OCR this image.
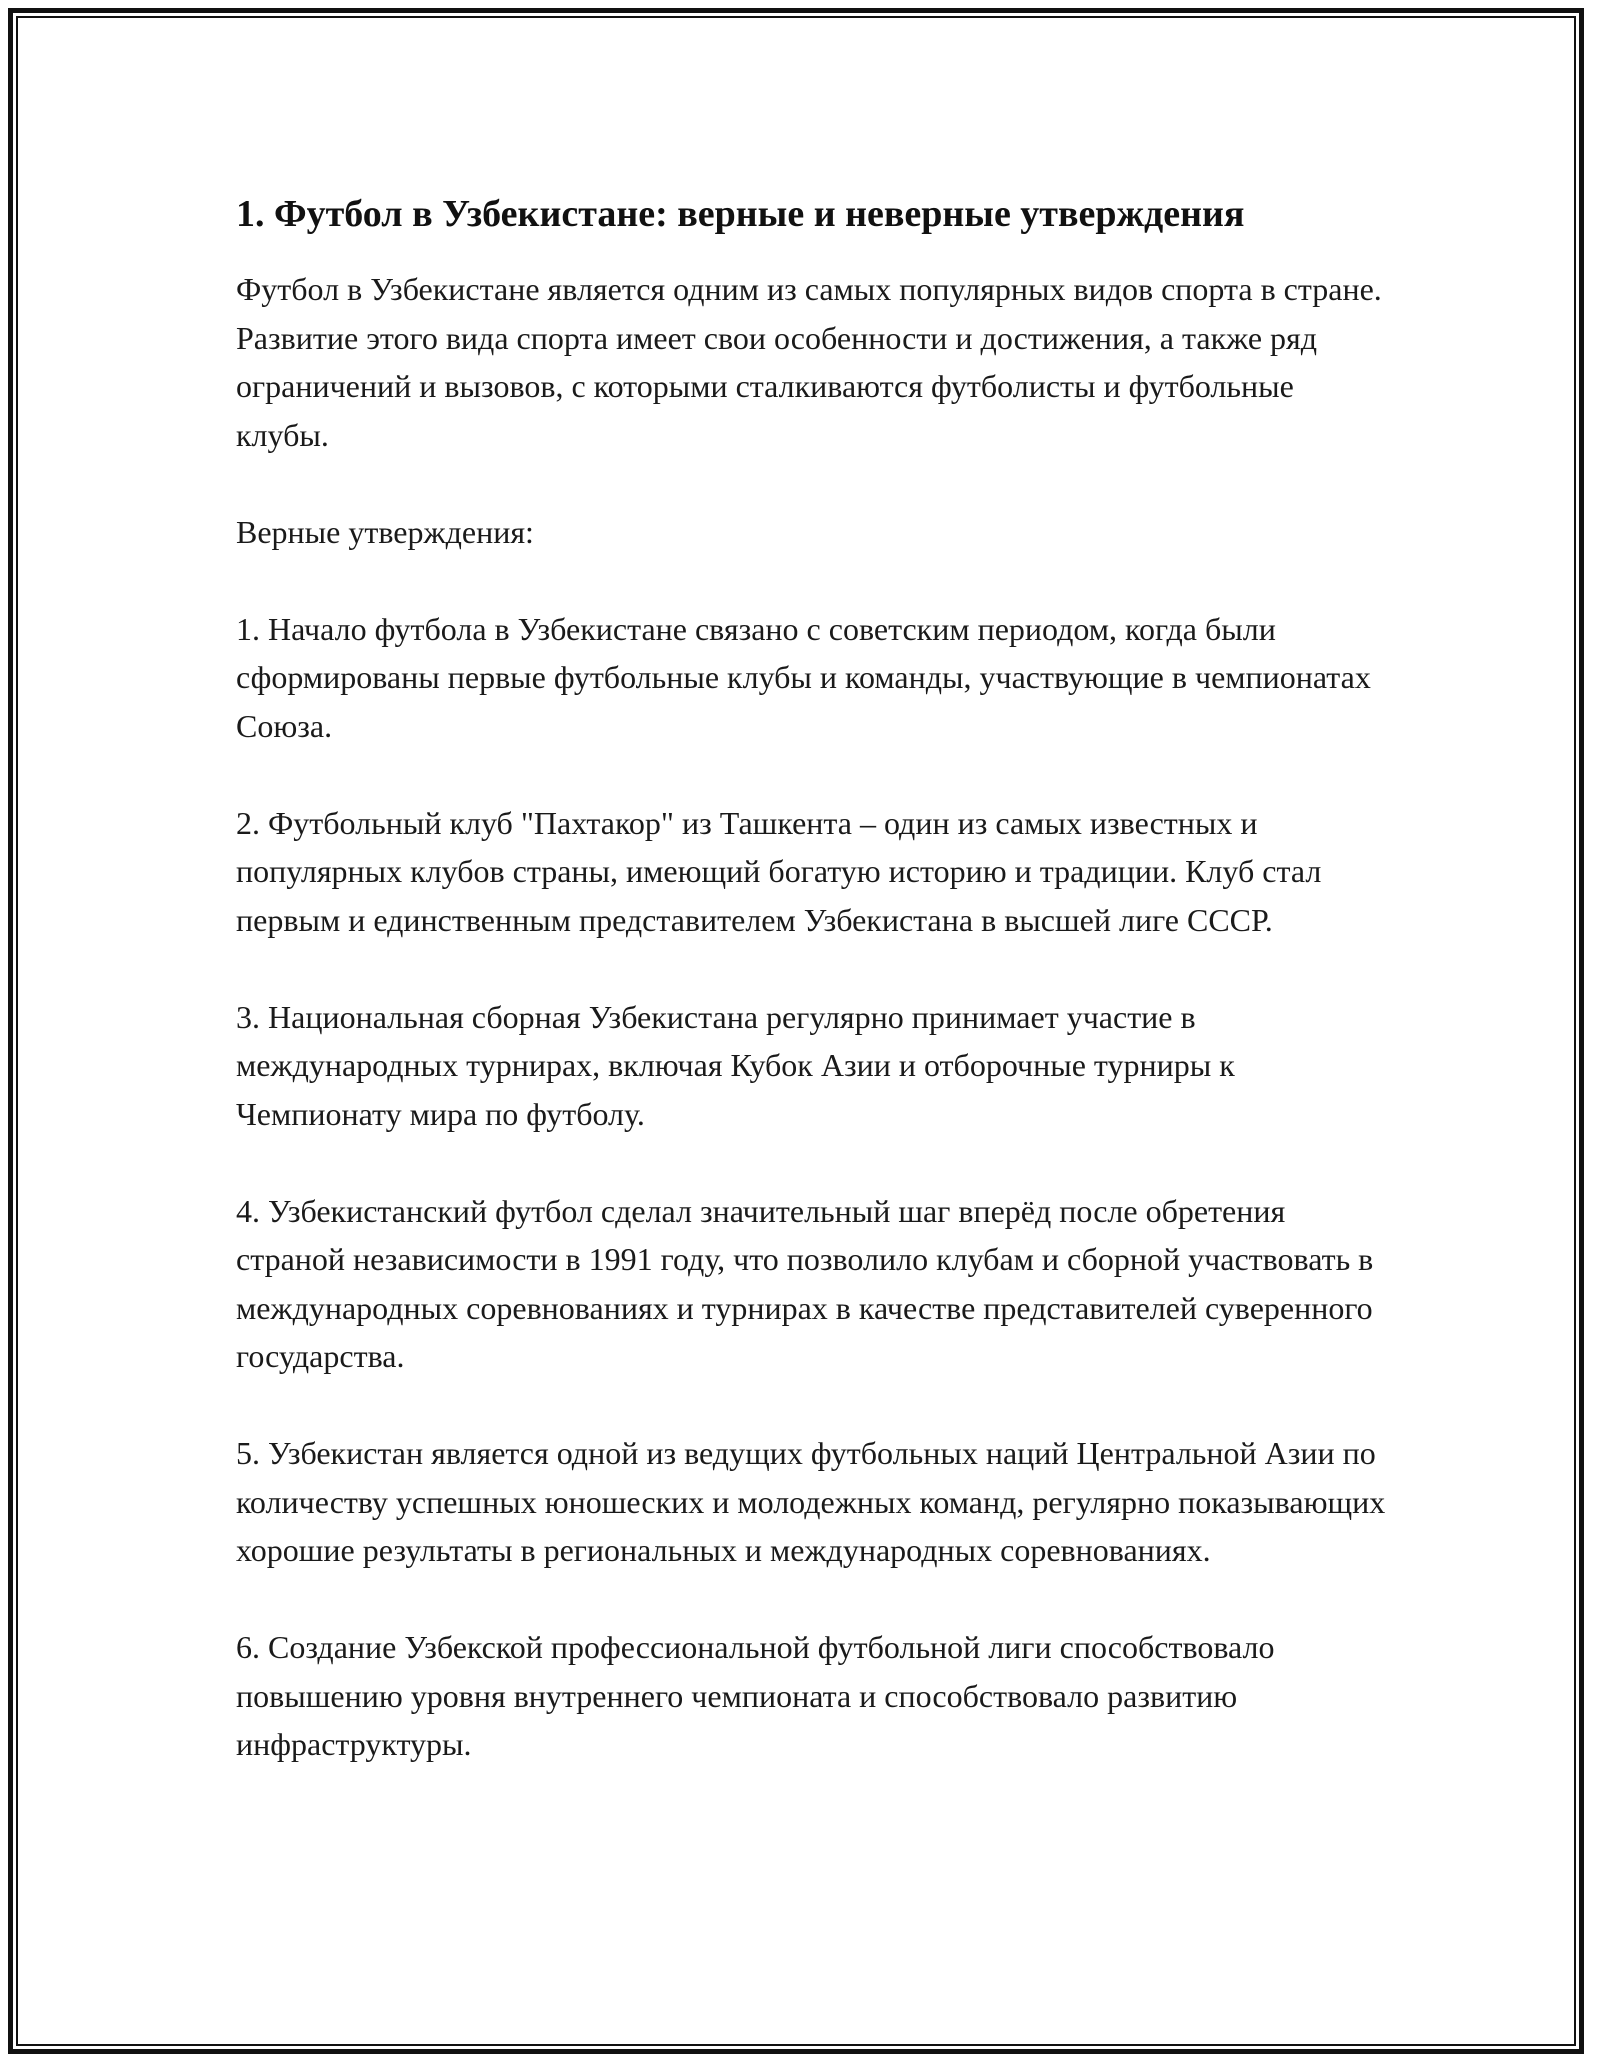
1. Футбол в Узбекистане: верные и неверные утверждения

Футбол в Узбекистане является одним из самых популярных видов спорта в стране. Развитие этого вида спорта имеет свои особенности и достижения, а также ряд ограничений и вызовов, с которыми сталкиваются футболисты и футбольные клубы.

Верные утверждения:

1. Начало футбола в Узбекистане связано с советским периодом, когда были сформированы первые футбольные клубы и команды, участвующие в чемпионатах Союза.
2. Футбольный клуб "Пахтакор" из Ташкента – один из самых известных и популярных клубов страны, имеющий богатую историю и традиции. Клуб стал первым и единственным представителем Узбекистана в высшей лиге СССР.
3. Национальная сборная Узбекистана регулярно принимает участие в международных турнирах, включая Кубок Азии и отборочные турниры к Чемпионату мира по футболу.
4. Узбекистанский футбол сделал значительный шаг вперёд после обретения страной независимости в 1991 году, что позволило клубам и сборной участвовать в международных соревнованиях и турнирах в качестве представителей суверенного государства.
5. Узбекистан является одной из ведущих футбольных наций Центральной Азии по количеству успешных юношеских и молодежных команд, регулярно показывающих хорошие результаты в региональных и международных соревнованиях.
6. Создание Узбекской профессиональной футбольной лиги способствовало повышению уровня внутреннего чемпионата и способствовало развитию инфраструктуры.
